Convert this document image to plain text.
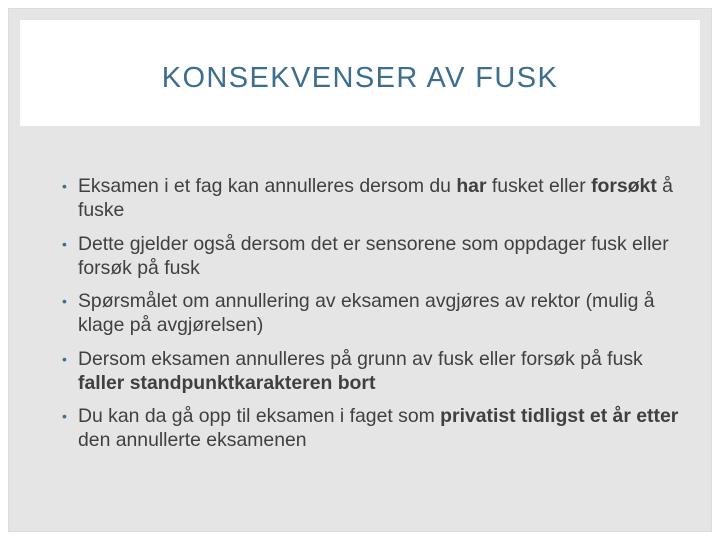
KONSEKVENSER AV FUSK
• Eksamen i et fag kan annulleres dersom du har fusket eller forsøkt å fuske
• Dette gjelder også dersom det er sensorene som oppdager fusk eller forsøk på fusk
• Spørsmålet om annullering av eksamen avgjøres av rektor (mulig å klage på avgjørelsen)
• Dersom eksamen annulleres på grunn av fusk eller forsøk på fusk faller standpunktkarakteren bort
• Du kan da gå opp til eksamen i faget som privatist tidligst et år etter den annullerte eksamenen
